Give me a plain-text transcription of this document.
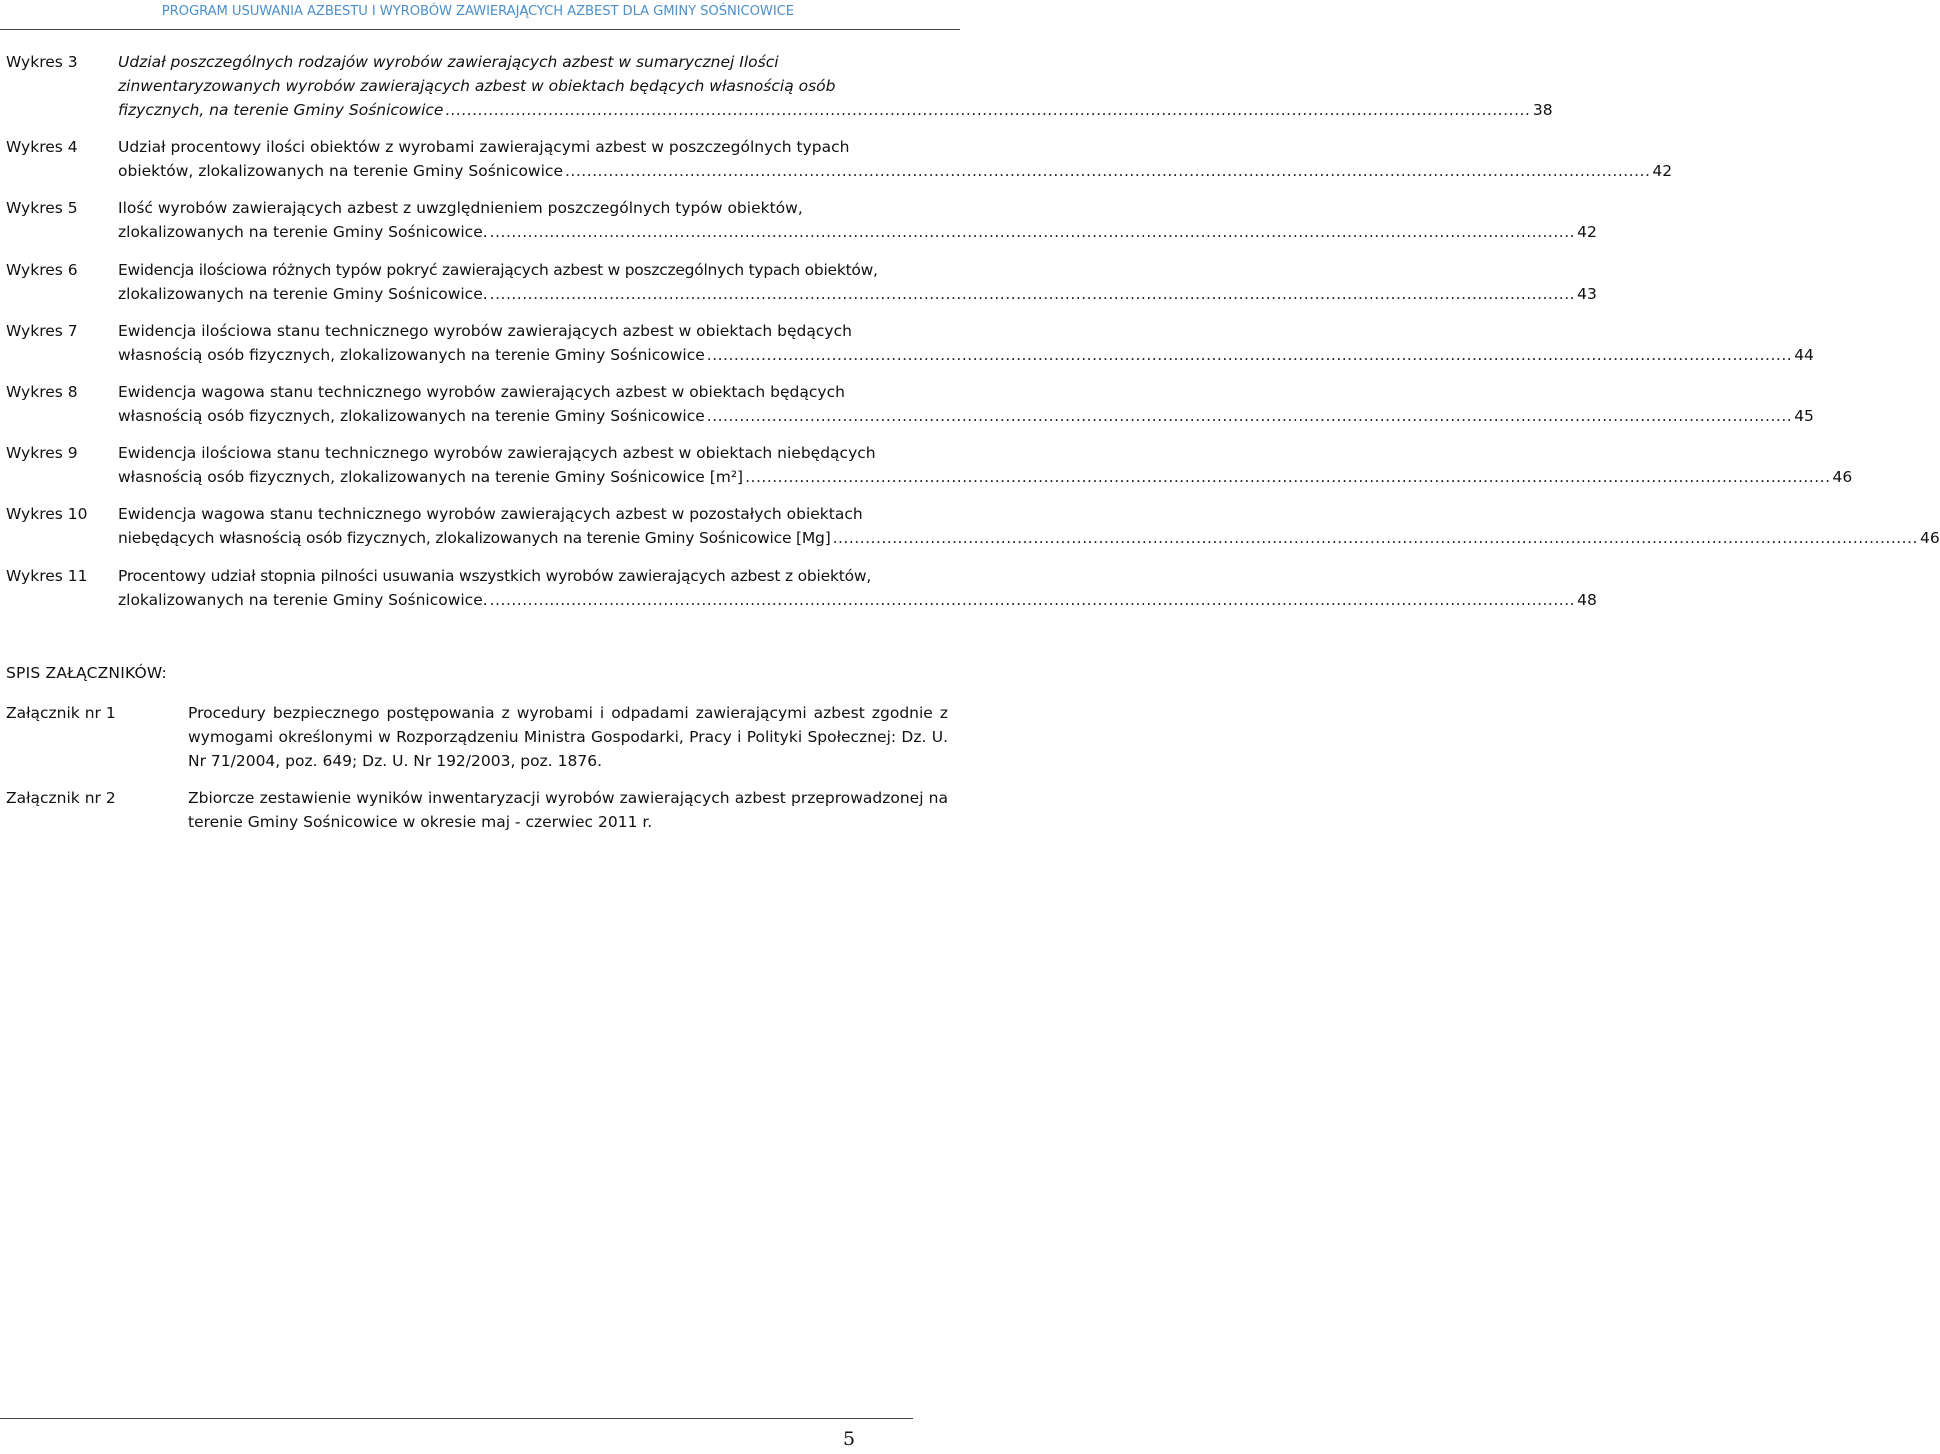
PROGRAM USUWANIA AZBESTU I WYROBÓW ZAWIERAJĄCYCH AZBEST DLA GMINY SOŚNICOWICE
Wykres 3	Udział poszczególnych rodzajów wyrobów zawierających azbest w sumarycznej Ilości
zinwentaryzowanych wyrobów zawierających azbest w obiektach będących własnością osób
fizycznych, na terenie Gminy Sośnicowice ........................................................................................................................................................................................................ 38
Wykres 4	Udział procentowy ilości obiektów z wyrobami zawierającymi azbest w poszczególnych typach
obiektów, zlokalizowanych na terenie Gminy Sośnicowice ........................................................................................................................................................................................................ 42
Wykres 5	Ilość wyrobów zawierających azbest z uwzględnieniem poszczególnych typów obiektów,
zlokalizowanych na terenie Gminy Sośnicowice. ........................................................................................................................................................................................................ 42
Wykres 6	Ewidencja ilościowa różnych typów pokryć zawierających azbest w poszczególnych typach obiektów,
zlokalizowanych na terenie Gminy Sośnicowice. ........................................................................................................................................................................................................ 43
Wykres 7	Ewidencja ilościowa stanu technicznego wyrobów zawierających azbest w obiektach będących
własnością osób fizycznych, zlokalizowanych na terenie Gminy Sośnicowice ........................................................................................................................................................................................................ 44
Wykres 8	Ewidencja wagowa stanu technicznego wyrobów zawierających azbest w obiektach będących
własnością osób fizycznych, zlokalizowanych na terenie Gminy Sośnicowice ........................................................................................................................................................................................................ 45
Wykres 9	Ewidencja ilościowa stanu technicznego wyrobów zawierających azbest w obiektach niebędących
własnością osób fizycznych, zlokalizowanych na terenie Gminy Sośnicowice [m²] ........................................................................................................................................................................................................ 46
Wykres 10 Ewidencja wagowa stanu technicznego wyrobów zawierających azbest w pozostałych obiektach
niebędących własnością osób fizycznych, zlokalizowanych na terenie Gminy Sośnicowice [Mg] ........................................................................................................................................................................................................ 46
Wykres 11 Procentowy udział stopnia pilności usuwania wszystkich wyrobów zawierających azbest z obiektów,
zlokalizowanych na terenie Gminy Sośnicowice. ........................................................................................................................................................................................................ 48
SPIS ZAŁĄCZNIKÓW:
Załącznik nr 1	Procedury bezpiecznego postępowania z wyrobami i odpadami zawierającymi azbest zgodnie z wymogami określonymi w Rozporządzeniu Ministra Gospodarki, Pracy i Polityki Społecznej: Dz. U. Nr 71/2004, poz. 649; Dz. U. Nr 192/2003, poz. 1876.
Załącznik nr 2	Zbiorcze zestawienie wyników inwentaryzacji wyrobów zawierających azbest przeprowadzonej na terenie Gminy Sośnicowice w okresie maj - czerwiec 2011 r.
5
